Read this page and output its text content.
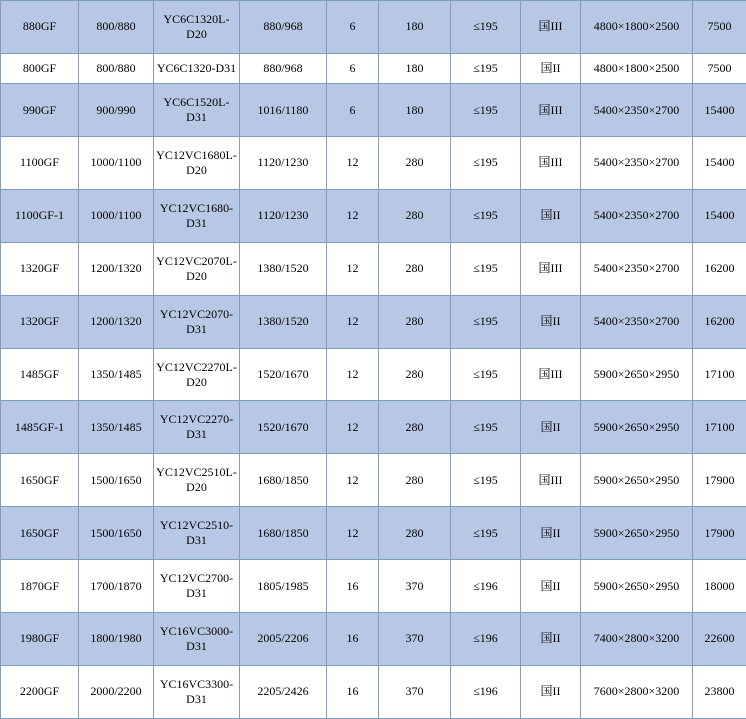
880GF	800/880	YC6C1320L-D20	880/968	6	180	≤195	国III	4800×1800×2500	7500
800GF	800/880	YC6C1320-D31	880/968	6	180	≤195	国II	4800×1800×2500	7500
990GF	900/990	YC6C1520L-D31	1016/1180	6	180	≤195	国III	5400×2350×2700	15400
1100GF	1000/1100	YC12VC1680L-D20	1120/1230	12	280	≤195	国III	5400×2350×2700	15400
1100GF-1	1000/1100	YC12VC1680-D31	1120/1230	12	280	≤195	国II	5400×2350×2700	15400
1320GF	1200/1320	YC12VC2070L-D20	1380/1520	12	280	≤195	国III	5400×2350×2700	16200
1320GF	1200/1320	YC12VC2070-D31	1380/1520	12	280	≤195	国II	5400×2350×2700	16200
1485GF	1350/1485	YC12VC2270L-D20	1520/1670	12	280	≤195	国III	5900×2650×2950	17100
1485GF-1	1350/1485	YC12VC2270-D31	1520/1670	12	280	≤195	国II	5900×2650×2950	17100
1650GF	1500/1650	YC12VC2510L-D20	1680/1850	12	280	≤195	国III	5900×2650×2950	17900
1650GF	1500/1650	YC12VC2510-D31	1680/1850	12	280	≤195	国II	5900×2650×2950	17900
1870GF	1700/1870	YC12VC2700-D31	1805/1985	16	370	≤196	国II	5900×2650×2950	18000
1980GF	1800/1980	YC16VC3000-D31	2005/2206	16	370	≤196	国II	7400×2800×3200	22600
2200GF	2000/2200	YC16VC3300-D31	2205/2426	16	370	≤196	国II	7600×2800×3200	23800
